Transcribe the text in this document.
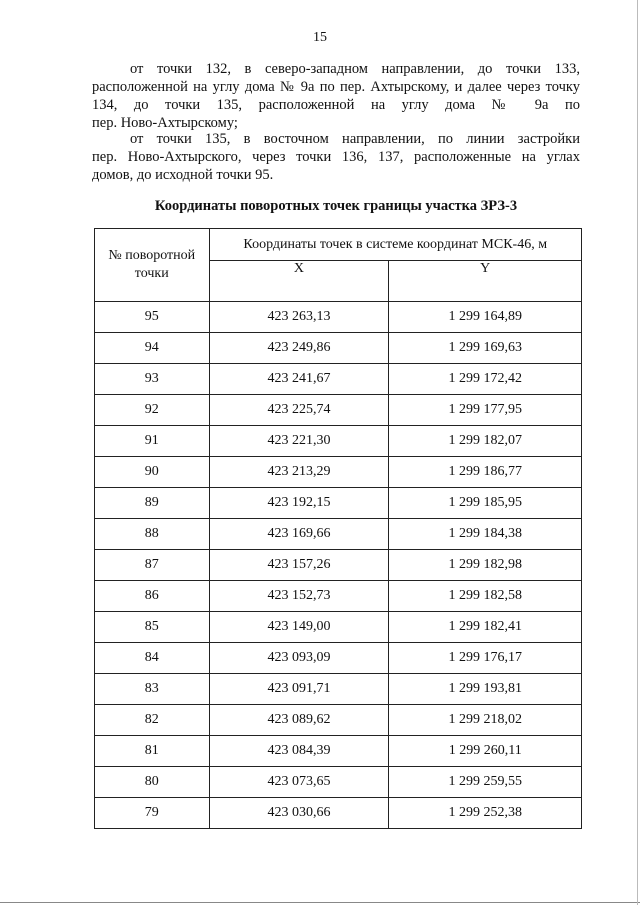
15
от точки 132, в северо-западном направлении, до точки 133,
расположенной на углу дома № 9а по пер. Ахтырскому, и далее через точку
134, до точки 135, расположенной на углу дома № 9а по
пер. Ново-Ахтырскому;
от точки 135, в восточном направлении, по линии застройки
пер. Ново-Ахтырского, через точки 136, 137, расположенные на углах
домов, до исходной точки 95.
Координаты поворотных точек границы участка ЗРЗ-3
№ поворотной точки	Координаты точек в системе координат МСК-46, м	
	X	Y
95	423 263,13	1 299 164,89
94	423 249,86	1 299 169,63
93	423 241,67	1 299 172,42
92	423 225,74	1 299 177,95
91	423 221,30	1 299 182,07
90	423 213,29	1 299 186,77
89	423 192,15	1 299 185,95
88	423 169,66	1 299 184,38
87	423 157,26	1 299 182,98
86	423 152,73	1 299 182,58
85	423 149,00	1 299 182,41
84	423 093,09	1 299 176,17
83	423 091,71	1 299 193,81
82	423 089,62	1 299 218,02
81	423 084,39	1 299 260,11
80	423 073,65	1 299 259,55
79	423 030,66	1 299 252,38
